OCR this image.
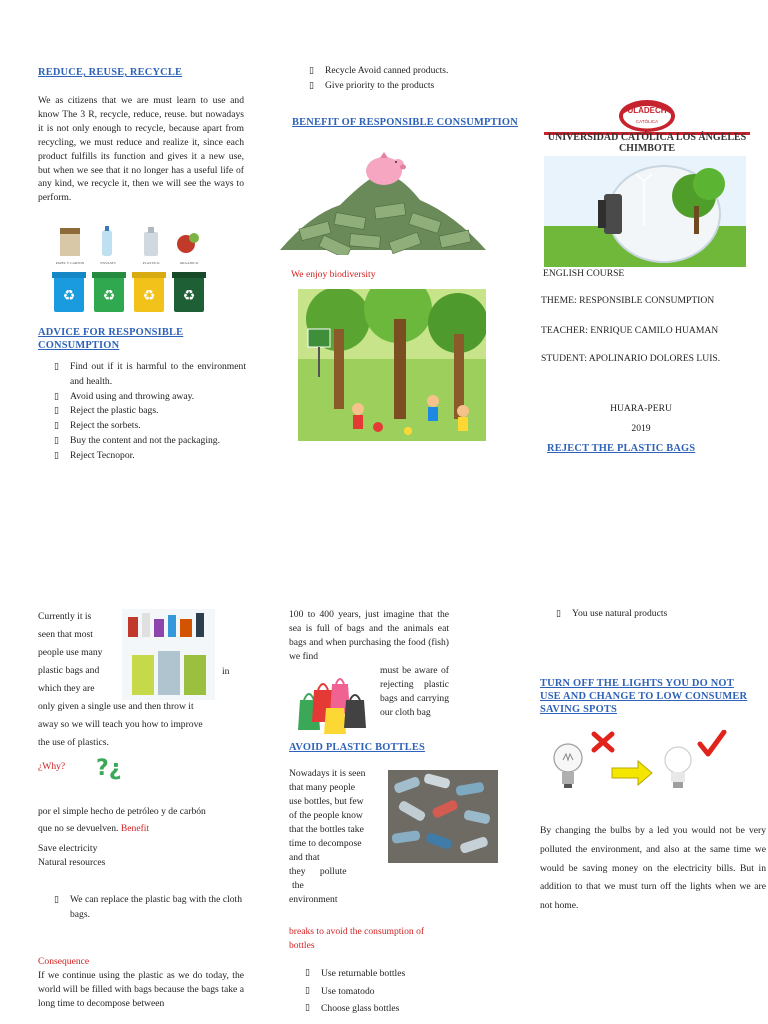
REDUCE, REUSE, RECYCLE
We as citizens that we are must learn to use and know The 3 R, recycle, reduce, reuse. but nowadays it is not only enough to recycle, because apart from recycling, we must reduce and realize it, since each product fulfills its function and gives it a new use, but when we see that it no longer has a useful life of any kind, we recycle it, then we will see the ways to perform.
PAPEL Y CARTON	ENVASES	PLASTICO	ORGANICO
♻ ♻ ♻ ♻
ADVICE FOR RESPONSIBLE CONSUMPTION
▯ Find out if it is harmful to the environment and health.
▯ Avoid using and throwing away.
▯ Reject the plastic bags.
▯ Reject the sorbets.
▯ Buy the content and not the packaging.
▯ Reject Tecnopor.
▯ Recycle Avoid canned products.
▯ Give priority to the products
BENEFIT OF RESPONSIBLE CONSUMPTION
We enjoy biodiversity
ULADECH
CATÓLICA
UNIVERSIDAD CATÓLICA LOS ÁNGELES CHIMBOTE
ENGLISH COURSE
THEME: RESPONSIBLE CONSUMPTION
TEACHER: ENRIQUE CAMILO HUAMAN
STUDENT: APOLINARIO DOLORES LUIS.
HUARA-PERU
2019
REJECT THE PLASTIC BAGS
Currently it is
seen that most
people use many
plastic bags and
which they are
only given a single use and then throw it
away so we will teach you how to improve
the use of plastics.
in
¿Why? ?¿
por el simple hecho de petróleo y de carbón
que no se devuelven. Benefit
Save electricity
Natural resources
▯ We can replace the plastic bag with the cloth bags.
Consequence
If we continue using the plastic as we do today, the world will be filled with bags because the bags take a long time to decompose between
100 to 400 years, just imagine that the sea is full of bags and the animals eat bags and when purchasing the food (fish) we find
must be aware of rejecting plastic bags and carrying our cloth bag
AVOID PLASTIC BOTTLES
Nowadays it is seen
that many people
use bottles, but few
of the people know
that the bottles take
time to decompose
and that
they      pollute
the
environment
breaks to avoid the consumption of bottles
▯ Use returnable bottles
▯ Use tomatodo
▯ Choose glass bottles
▯ You use natural products
TURN OFF THE LIGHTS YOU DO NOT USE AND CHANGE TO LOW CONSUMER SAVING SPOTS
By changing the bulbs by a led you would not be very polluted the environment, and also at the same time we would be saving money on the electricity bills. But in addition to that we must turn off the lights when we are not home.
